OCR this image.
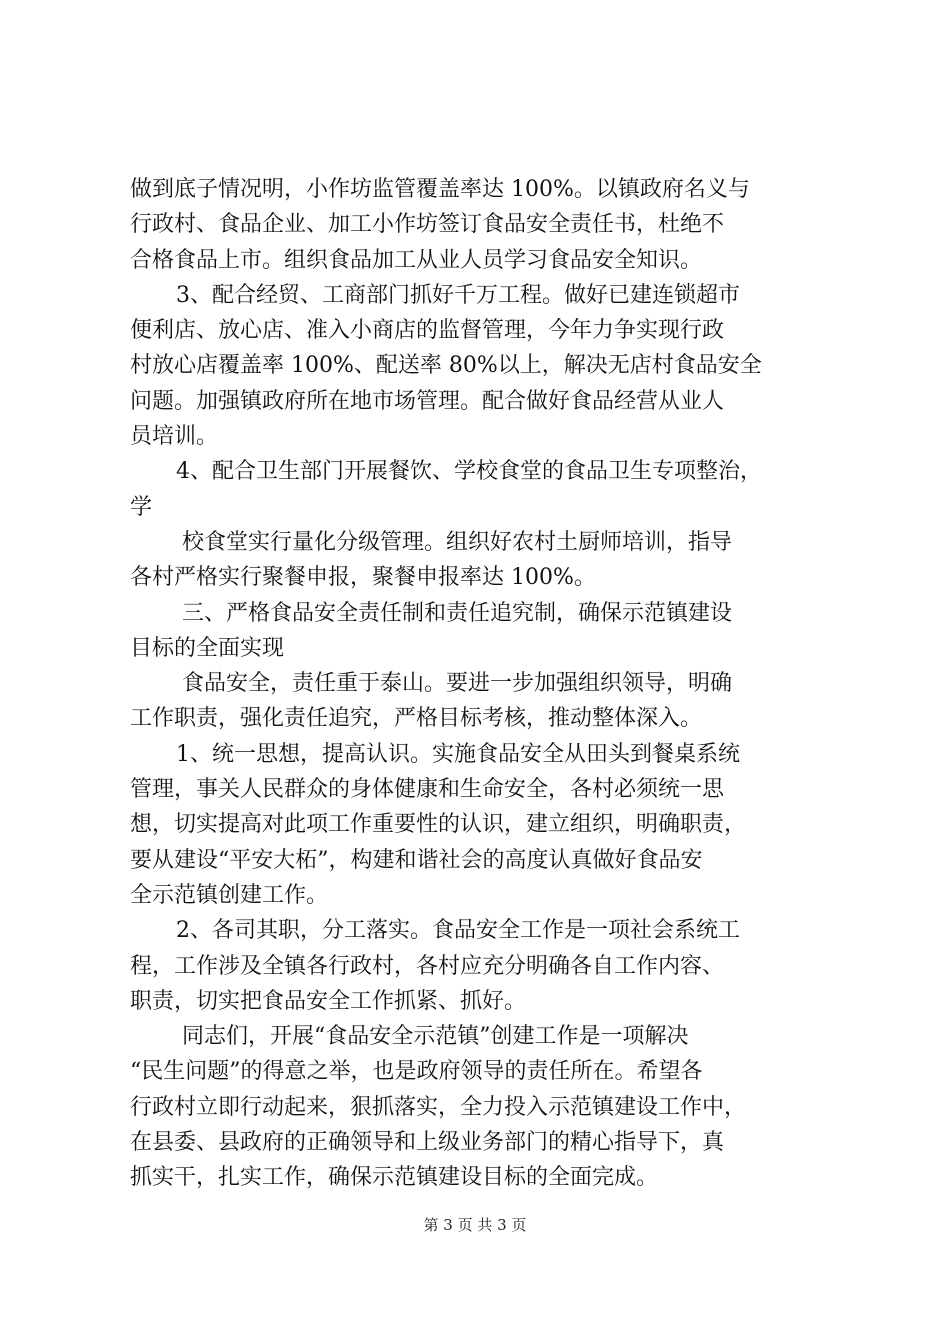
做到底子情况明，小作坊监管覆盖率达 100%。以镇政府名义与
行政村、食品企业、加工小作坊签订食品安全责任书，杜绝不
合格食品上市。组织食品加工从业人员学习食品安全知识。
3、配合经贸、工商部门抓好千万工程。做好已建连锁超市
便利店、放心店、准入小商店的监督管理，今年力争实现行政
村放心店覆盖率 100%、配送率 80%以上，解决无店村食品安全
问题。加强镇政府所在地市场管理。配合做好食品经营从业人
员培训。
4、配合卫生部门开展餐饮、学校食堂的食品卫生专项整治，
学
校食堂实行量化分级管理。组织好农村土厨师培训，指导
各村严格实行聚餐申报，聚餐申报率达 100%。
三、严格食品安全责任制和责任追究制，确保示范镇建设
目标的全面实现
食品安全，责任重于泰山。要进一步加强组织领导，明确
工作职责，强化责任追究，严格目标考核，推动整体深入。
1、统一思想，提高认识。实施食品安全从田头到餐桌系统
管理，事关人民群众的身体健康和生命安全，各村必须统一思
想，切实提高对此项工作重要性的认识，建立组织，明确职责，
要从建设“平安大柘”，构建和谐社会的高度认真做好食品安
全示范镇创建工作。
2、各司其职，分工落实。食品安全工作是一项社会系统工
程，工作涉及全镇各行政村，各村应充分明确各自工作内容、
职责，切实把食品安全工作抓紧、抓好。
同志们，开展“食品安全示范镇”创建工作是一项解决
“民生问题”的得意之举，也是政府领导的责任所在。希望各
行政村立即行动起来，狠抓落实，全力投入示范镇建设工作中，
在县委、县政府的正确领导和上级业务部门的精心指导下，真
抓实干，扎实工作，确保示范镇建设目标的全面完成。
第 3 页 共 3 页
